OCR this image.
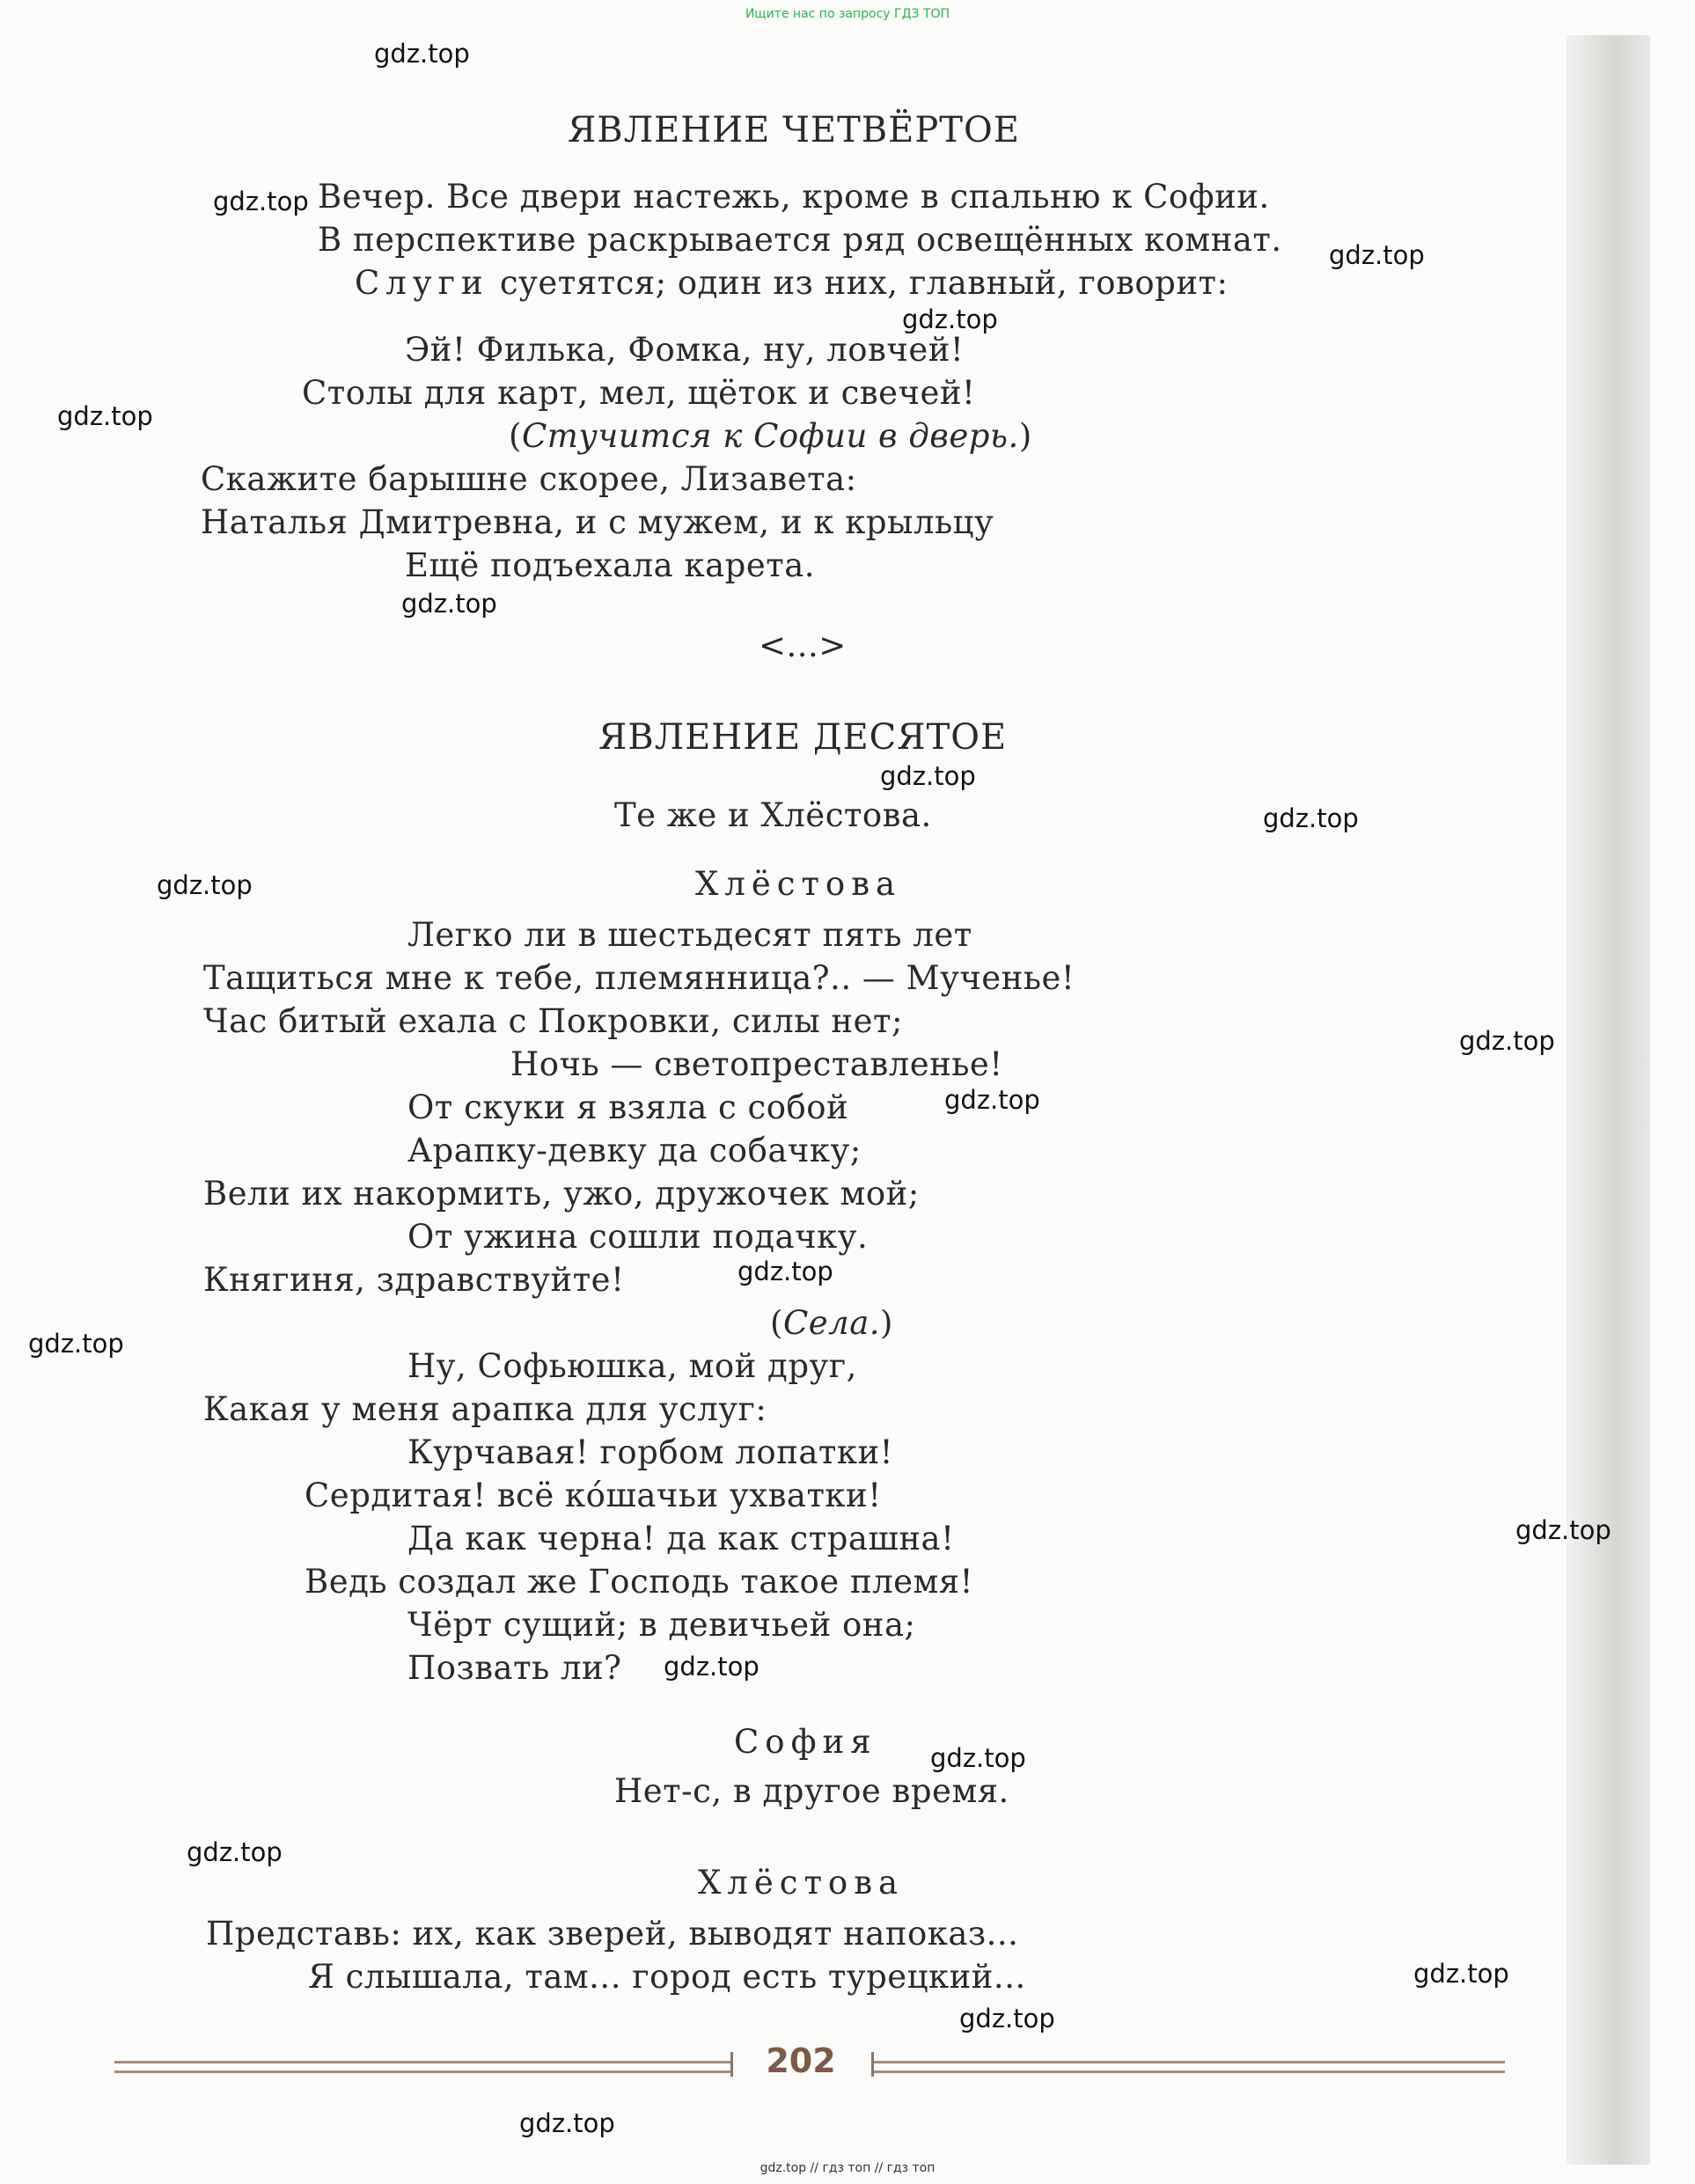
Ищите нас по запросу ГДЗ ТОП
ЯВЛЕНИЕ ЧЕТВЁРТОЕ
Вечер. Все двери настежь, кроме в спальню к Софии.
В перспективе раскрывается ряд освещённых комнат.
Слуги суетятся; один из них, главный, говорит:
Эй! Филька, Фомка, ну, ловчей!
Столы для карт, мел, щёток и свечей!
(Стучится к Софии в дверь.)
Скажите барышне скорее, Лизавета:
Наталья Дмитревна, и с мужем, и к крыльцу
Ещё подъехала карета.
<...>
ЯВЛЕНИЕ ДЕСЯТОЕ
Те же и Хлёстова.
Хлёстова
Легко ли в шестьдесят пять лет
Тащиться мне к тебе, племянница?.. — Мученье!
Час битый ехала с Покровки, силы нет;
Ночь — светопреставленье!
От скуки я взяла с собой
Арапку-девку да собачку;
Вели их накормить, ужо, дружочек мой;
От ужина сошли подачку.
Княгиня, здравствуйте!
(Села.)
Ну, Софьюшка, мой друг,
Какая у меня арапка для услуг:
Курчавая! горбом лопатки!
Сердитая! всё ко́шачьи ухватки!
Да как черна! да как страшна!
Ведь создал же Господь такое племя!
Чёрт сущий; в девичьей она;
Позвать ли?
София
Нет-с, в другое время.
Хлёстова
Представь: их, как зверей, выводят напоказ...
Я слышала, там... город есть турецкий...
202
gdz.top
gdz.top
gdz.top
gdz.top
gdz.top
gdz.top
gdz.top
gdz.top
gdz.top
gdz.top
gdz.top
gdz.top
gdz.top
gdz.top
gdz.top
gdz.top
gdz.top
gdz.top
gdz.top
gdz.top
gdz.top // гдз топ // гдз топ
